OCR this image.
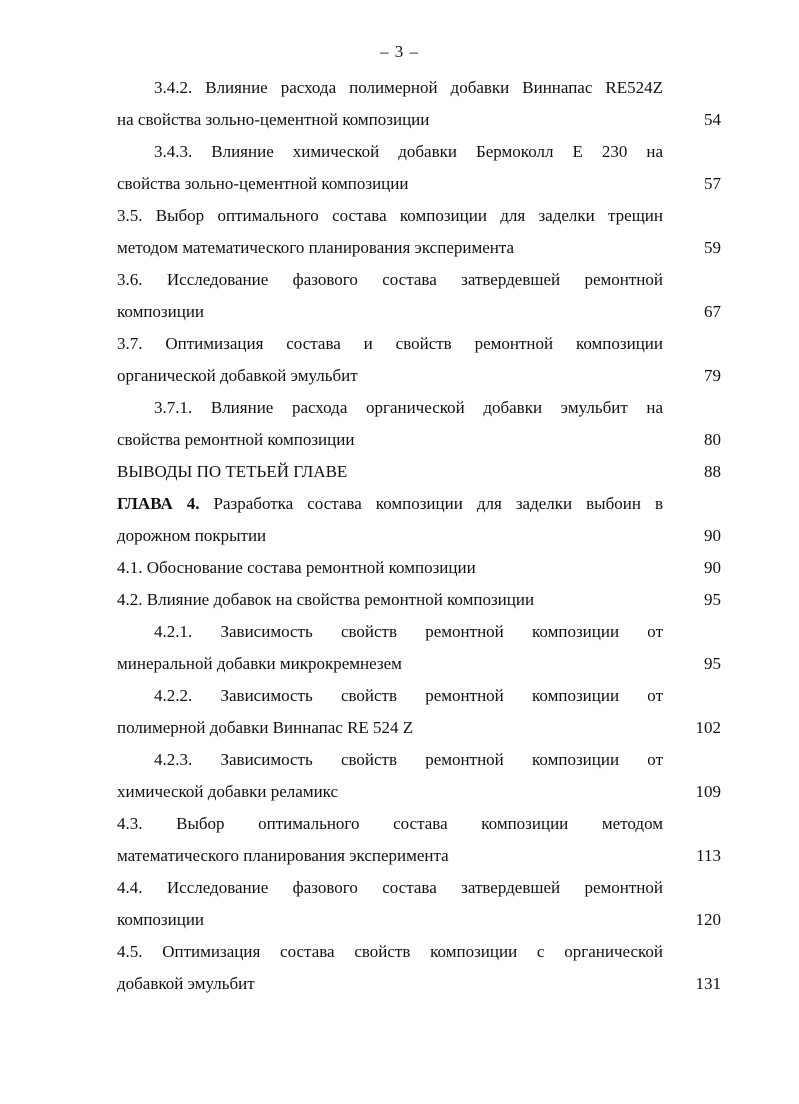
– 3 –
3.4.2. Влияние расхода полимерной добавки Виннапас RE524Z
на свойства зольно-цементной композиции	54
3.4.3. Влияние химической добавки Бермоколл Е 230 на
свойства зольно-цементной композиции	57
3.5. Выбор оптимального состава композиции для заделки трещин
методом математического планирования эксперимента	59
3.6. Исследование фазового состава затвердевшей ремонтной
композиции	67
3.7. Оптимизация состава и свойств ремонтной композиции
органической добавкой эмульбит	79
3.7.1. Влияние расхода органической добавки эмульбит на
свойства ремонтной композиции	80
ВЫВОДЫ ПО ТЕТЬЕЙ ГЛАВЕ	88
ГЛАВА 4. Разработка состава композиции для заделки выбоин в
дорожном покрытии	90
4.1. Обоснование состава ремонтной композиции	90
4.2. Влияние добавок на свойства ремонтной композиции	95
4.2.1. Зависимость свойств ремонтной композиции от
минеральной добавки микрокремнезем	95
4.2.2. Зависимость свойств ремонтной композиции от
полимерной добавки Виннапас RE 524 Z	102
4.2.3. Зависимость свойств ремонтной композиции от
химической добавки реламикс	109
4.3. Выбор оптимального состава композиции методом
математического планирования эксперимента	113
4.4. Исследование фазового состава затвердевшей ремонтной
композиции	120
4.5. Оптимизация состава свойств композиции с органической
добавкой эмульбит	131
